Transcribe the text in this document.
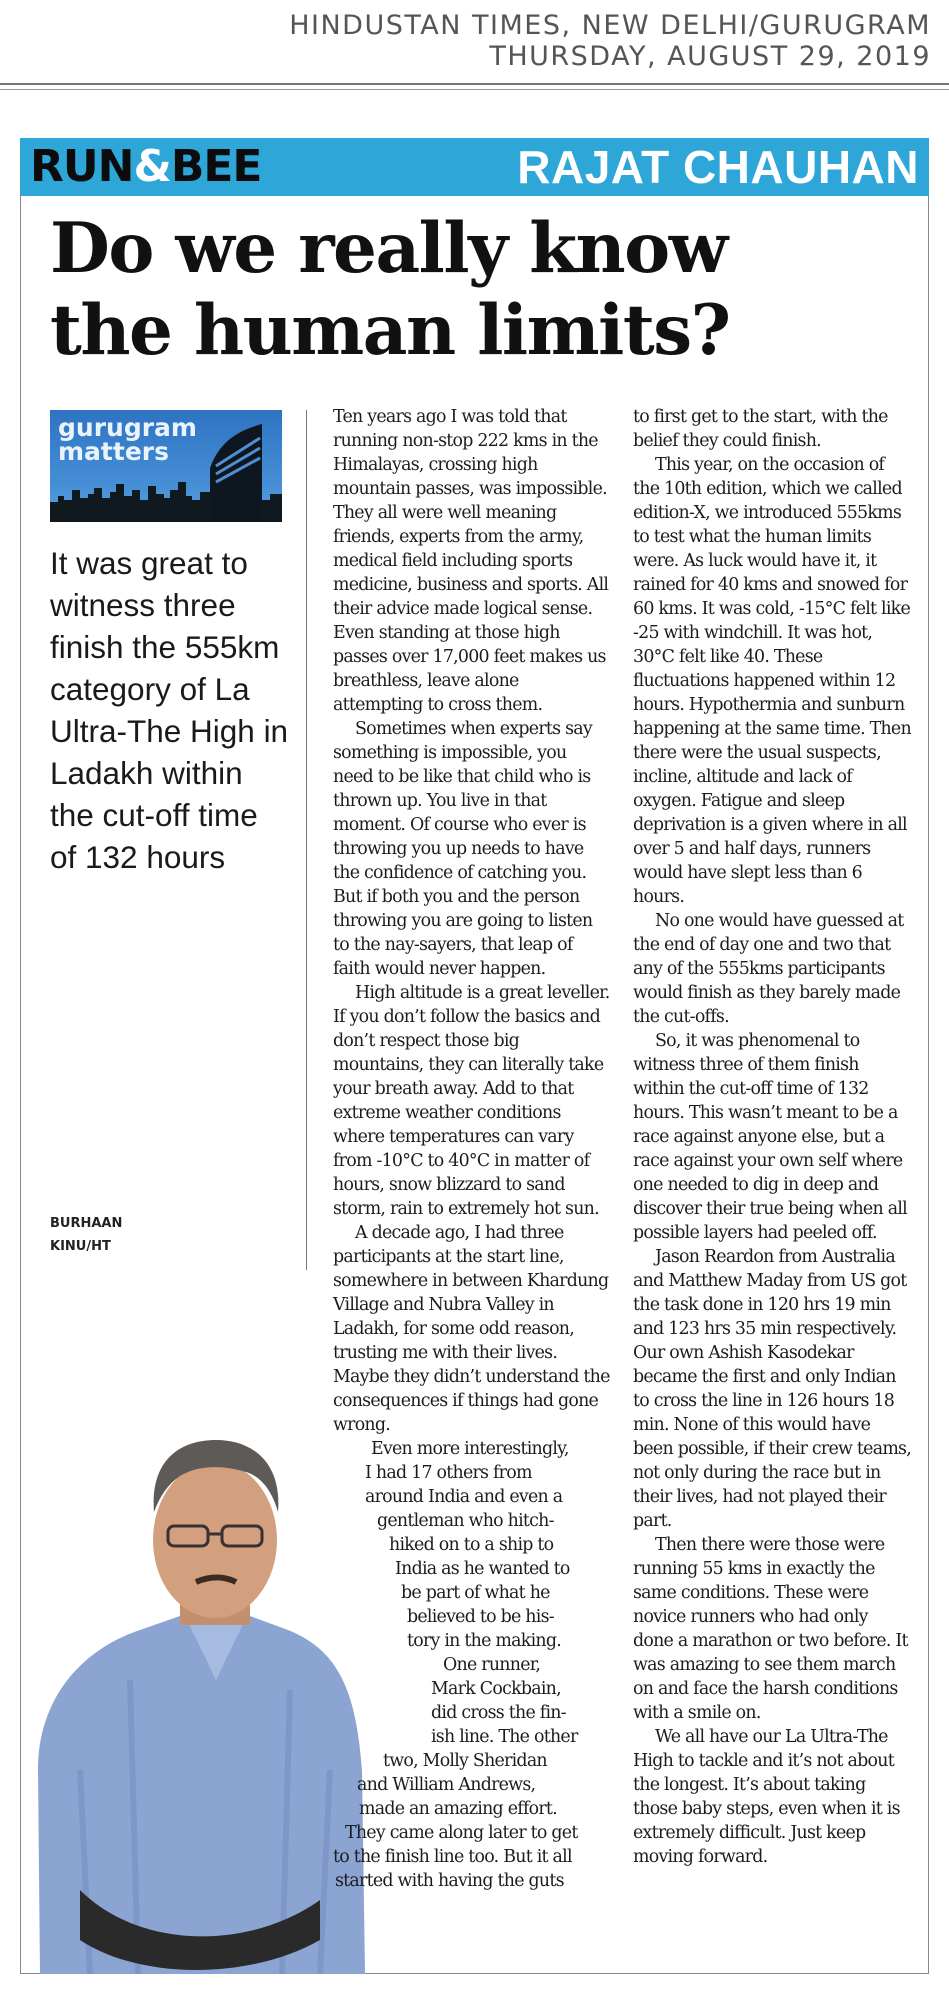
HINDUSTAN TIMES, NEW DELHI/GURUGRAM
THURSDAY, AUGUST 29, 2019
RUN&BEE	RAJAT CHAUHAN
Do we really know the human limits?
gurugram
matters

It was great to witness three finish the 555km category of La Ultra-The High in Ladakh within the cut-off time of 132 hours

BURHAAN
KINU/HT

Ten years ago I was told that running non-stop 222 kms in the Himalayas, crossing high mountain passes, was impossible. They all were well meaning friends, experts from the army, medical field including sports medicine, business and sports. All their advice made logical sense. Even standing at those high passes over 17,000 feet makes us breathless, leave alone attempting to cross them.

Sometimes when experts say something is impossible, you need to be like that child who is thrown up. You live in that moment. Of course who ever is throwing you up needs to have the confidence of catching you. But if both you and the person throwing you are going to listen to the nay-sayers, that leap of faith would never happen.

High altitude is a great leveller. If you don’t follow the basics and don’t respect those big mountains, they can literally take your breath away. Add to that extreme weather conditions where temperatures can vary from -10°C to 40°C in matter of hours, snow blizzard to sand storm, rain to extremely hot sun.

A decade ago, I had three participants at the start line, somewhere in between Khardung Village and Nubra Valley in Ladakh, for some odd reason, trusting me with their lives. Maybe they didn’t understand the consequences if things had gone wrong.

Even more interestingly,
I had 17 others from
around India and even a
gentleman who hitch-
hiked on to a ship to
India as he wanted to
be part of what he
believed to be his-
tory in the making.
One runner,
Mark Cockbain,
did cross the fin-
ish line. The other
two, Molly Sheridan
and William Andrews,
made an amazing effort.
They came along later to get
to the finish line too. But it all
started with having the guts

to first get to the start, with the belief they could finish.

This year, on the occasion of the 10th edition, which we called edition-X, we introduced 555kms to test what the human limits were. As luck would have it, it rained for 40 kms and snowed for 60 kms. It was cold, -15°C felt like -25 with windchill. It was hot, 30°C felt like 40. These fluctuations happened within 12 hours. Hypothermia and sunburn happening at the same time. Then there were the usual suspects, incline, altitude and lack of oxygen. Fatigue and sleep deprivation is a given where in all over 5 and half days, runners would have slept less than 6 hours.

No one would have guessed at the end of day one and two that any of the 555kms participants would finish as they barely made the cut-offs.

So, it was phenomenal to witness three of them finish within the cut-off time of 132 hours. This wasn’t meant to be a race against anyone else, but a race against your own self where one needed to dig in deep and discover their true being when all possible layers had peeled off.

Jason Reardon from Australia and Matthew Maday from US got the task done in 120 hrs 19 min and 123 hrs 35 min respectively. Our own Ashish Kasodekar became the first and only Indian to cross the line in 126 hours 18 min. None of this would have been possible, if their crew teams, not only during the race but in their lives, had not played their part.

Then there were those were running 55 kms in exactly the same conditions. These were novice runners who had only done a marathon or two before. It was amazing to see them march on and face the harsh conditions with a smile on.

We all have our La Ultra-The High to tackle and it’s not about the longest. It’s about taking those baby steps, even when it is extremely difficult. Just keep moving forward.
